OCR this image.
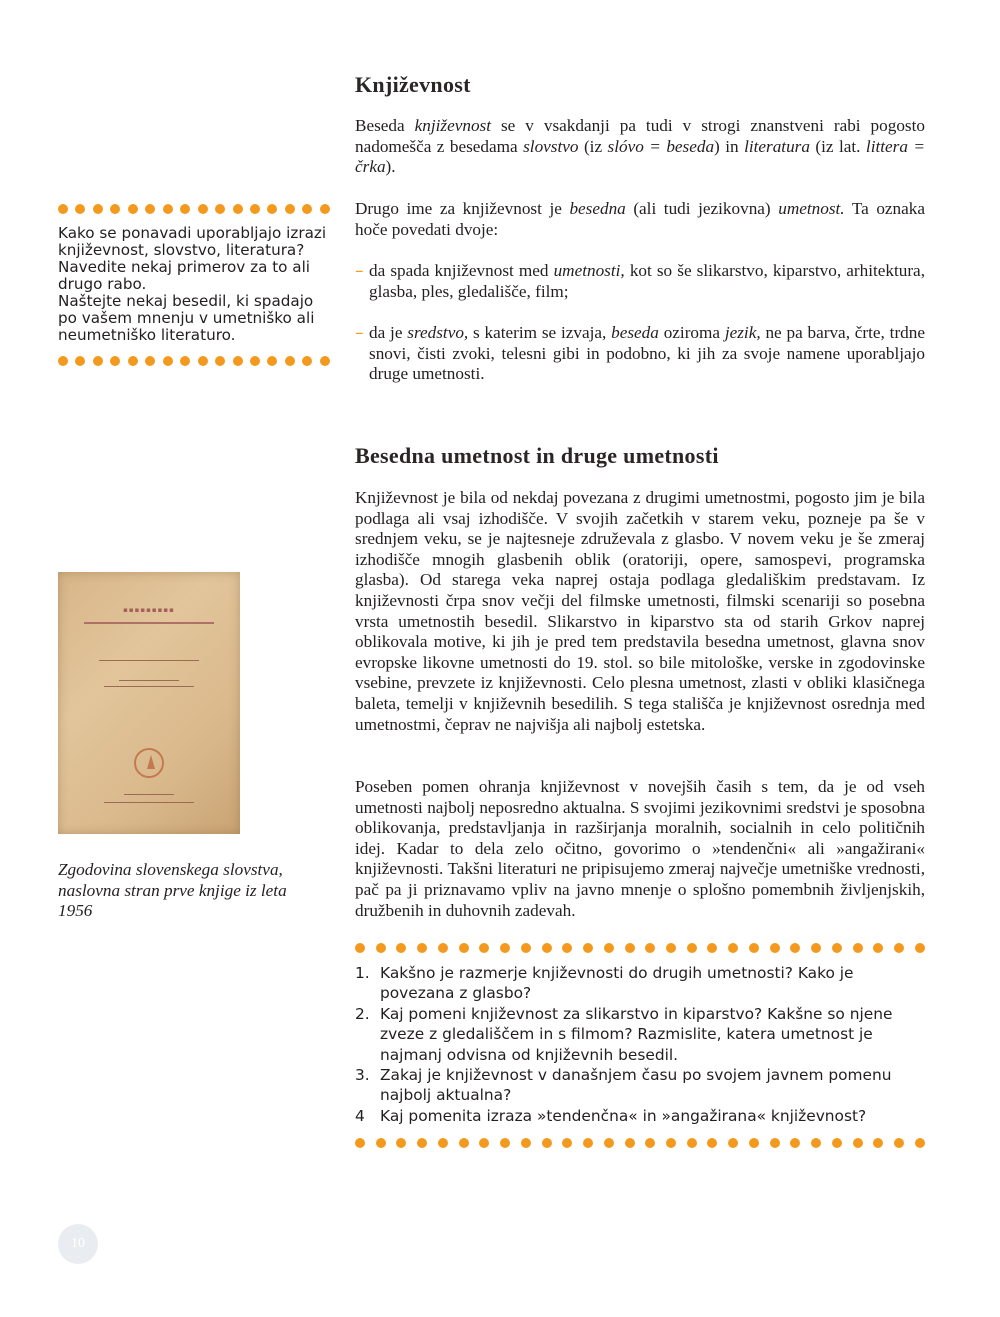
Književnost

Beseda književnost se v vsakdanji pa tudi v strogi znanstveni rabi pogosto nadomešča z besedama slovstvo (iz slóvo = beseda) in literatura (iz lat. littera = črka).

Drugo ime za književnost je besedna (ali tudi jezikovna) umetnost. Ta oznaka hoče povedati dvoje:

– da spada književnost med umetnosti, kot so še slikarstvo, kiparstvo, arhitektura, glasba, ples, gledališče, film;
– da je sredstvo, s katerim se izvaja, beseda oziroma jezik, ne pa barva, črte, trdne snovi, čisti zvoki, telesni gibi in podobno, ki jih za svoje namene uporabljajo druge umetnosti.
Kako se ponavadi uporabljajo izrazi književnost, slovstvo, literatura? Navedite nekaj primerov za to ali drugo rabo.
Naštejte nekaj besedil, ki spadajo po vašem mnenju v umetniško ali neumetniško literaturo.
Besedna umetnost in druge umetnosti

Književnost je bila od nekdaj povezana z drugimi umetnostmi, pogosto jim je bila podlaga ali vsaj izhodišče. V svojih začetkih v starem veku, pozneje pa še v srednjem veku, se je najtesneje združevala z glasbo. V novem veku je še zmeraj izhodišče mnogih glasbenih oblik (oratoriji, opere, samospevi, programska glasba). Od starega veka naprej ostaja podlaga gledališkim predstavam. Iz književnosti črpa snov večji del filmske umetnosti, filmski scenariji so posebna vrsta umetnostih besedil. Slikarstvo in kiparstvo sta od starih Grkov naprej oblikovala motive, ki jih je pred tem predstavila besedna umetnost, glavna snov evropske likovne umetnosti do 19. stol. so bile mitološke, verske in zgodovinske vsebine, prevzete iz književnosti. Celo plesna umetnost, zlasti v obliki klasičnega baleta, temelji v književnih besedilih. S tega stališča je književnost osrednja med umetnostmi, čeprav ne najvišja ali najbolj estetska.

Poseben pomen ohranja književnost v novejših časih s tem, da je od vseh umetnosti najbolj neposredno aktualna. S svojimi jezikovnimi sredstvi je sposobna oblikovanja, predstavljanja in razširjanja moralnih, socialnih in celo političnih idej. Kadar to dela zelo očitno, govorimo o »tendenčni« ali »angažirani« književnosti. Takšni literaturi ne pripisujemo zmeraj največje umetniške vrednosti, pač pa ji priznavamo vpliv na javno mnenje o splošno pomembnih življenjskih, družbenih in duhovnih zadevah.

▪▪▪▪▪▪▪▪▪
Zgodovina slovenskega slovstva, naslovna stran prve knjige iz leta 1956
1. Kakšno je razmerje književnosti do drugih umetnosti? Kako je povezana z glasbo?
2. Kaj pomeni književnost za slikarstvo in kiparstvo? Kakšne so njene zveze z gledališčem in s filmom? Razmislite, katera umetnost je najmanj odvisna od književnih besedil.
3. Zakaj je književnost v današnjem času po svojem javnem pomenu najbolj aktualna?
4 Kaj pomenita izraza »tendenčna« in »angažirana« književnost?
10
